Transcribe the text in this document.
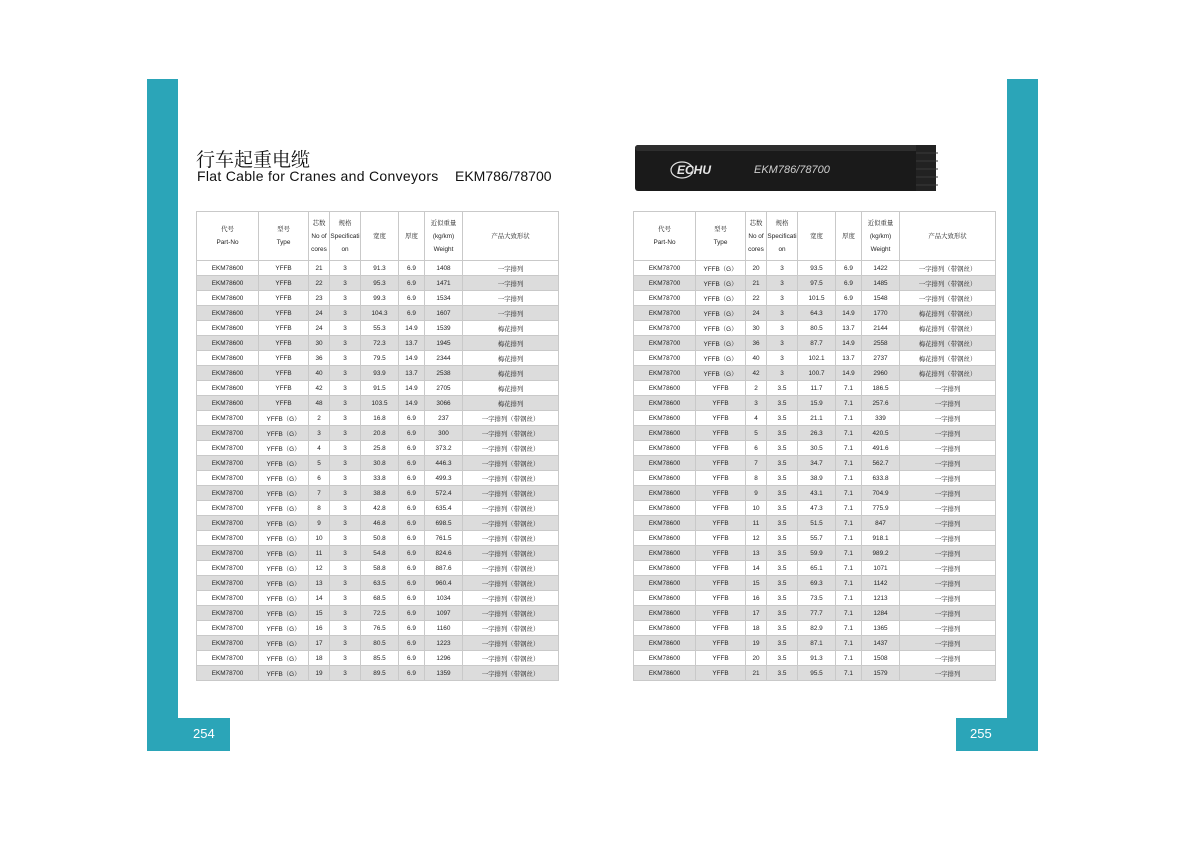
254	255
行车起重电缆
Flat Cable for Cranes and Conveyors EKM786/78700	ECHU	EKM786/78700
代号
Part-No	型号
Type	芯数
No of
cores	规格
Specificati
on	宽度	厚度	近似重量
(kg/km)
Weight	产品大致形状
EKM78600	YFFB	21	3	91.3	6.9	1408	一字排列
EKM78600	YFFB	22	3	95.3	6.9	1471	一字排列
EKM78600	YFFB	23	3	99.3	6.9	1534	一字排列
EKM78600	YFFB	24	3	104.3	6.9	1607	一字排列
EKM78600	YFFB	24	3	55.3	14.9	1539	梅花排列
EKM78600	YFFB	30	3	72.3	13.7	1945	梅花排列
EKM78600	YFFB	36	3	79.5	14.9	2344	梅花排列
EKM78600	YFFB	40	3	93.9	13.7	2538	梅花排列
EKM78600	YFFB	42	3	91.5	14.9	2705	梅花排列
EKM78600	YFFB	48	3	103.5	14.9	3066	梅花排列
EKM78700	YFFB（G）	2	3	16.8	6.9	237	一字排列（带钢丝）
EKM78700	YFFB（G）	3	3	20.8	6.9	300	一字排列（带钢丝）
EKM78700	YFFB（G）	4	3	25.8	6.9	373.2	一字排列（带钢丝）
EKM78700	YFFB（G）	5	3	30.8	6.9	446.3	一字排列（带钢丝）
EKM78700	YFFB（G）	6	3	33.8	6.9	499.3	一字排列（带钢丝）
EKM78700	YFFB（G）	7	3	38.8	6.9	572.4	一字排列（带钢丝）
EKM78700	YFFB（G）	8	3	42.8	6.9	635.4	一字排列（带钢丝）
EKM78700	YFFB（G）	9	3	46.8	6.9	698.5	一字排列（带钢丝）
EKM78700	YFFB（G）	10	3	50.8	6.9	761.5	一字排列（带钢丝）
EKM78700	YFFB（G）	11	3	54.8	6.9	824.6	一字排列（带钢丝）
EKM78700	YFFB（G）	12	3	58.8	6.9	887.6	一字排列（带钢丝）
EKM78700	YFFB（G）	13	3	63.5	6.9	960.4	一字排列（带钢丝）
EKM78700	YFFB（G）	14	3	68.5	6.9	1034	一字排列（带钢丝）
EKM78700	YFFB（G）	15	3	72.5	6.9	1097	一字排列（带钢丝）
EKM78700	YFFB（G）	16	3	76.5	6.9	1160	一字排列（带钢丝）
EKM78700	YFFB（G）	17	3	80.5	6.9	1223	一字排列（带钢丝）
EKM78700	YFFB（G）	18	3	85.5	6.9	1296	一字排列（带钢丝）
EKM78700	YFFB（G）	19	3	89.5	6.9	1359	一字排列（带钢丝）
代号
Part-No	型号
Type	芯数
No of
cores	规格
Specificati
on	宽度	厚度	近似重量
(kg/km)
Weight	产品大致形状
EKM78700	YFFB（G）	20	3	93.5	6.9	1422	一字排列（带钢丝）
EKM78700	YFFB（G）	21	3	97.5	6.9	1485	一字排列（带钢丝）
EKM78700	YFFB（G）	22	3	101.5	6.9	1548	一字排列（带钢丝）
EKM78700	YFFB（G）	24	3	64.3	14.9	1770	梅花排列（带钢丝）
EKM78700	YFFB（G）	30	3	80.5	13.7	2144	梅花排列（带钢丝）
EKM78700	YFFB（G）	36	3	87.7	14.9	2558	梅花排列（带钢丝）
EKM78700	YFFB（G）	40	3	102.1	13.7	2737	梅花排列（带钢丝）
EKM78700	YFFB（G）	42	3	100.7	14.9	2960	梅花排列（带钢丝）
EKM78600	YFFB	2	3.5	11.7	7.1	186.5	一字排列
EKM78600	YFFB	3	3.5	15.9	7.1	257.6	一字排列
EKM78600	YFFB	4	3.5	21.1	7.1	339	一字排列
EKM78600	YFFB	5	3.5	26.3	7.1	420.5	一字排列
EKM78600	YFFB	6	3.5	30.5	7.1	491.6	一字排列
EKM78600	YFFB	7	3.5	34.7	7.1	562.7	一字排列
EKM78600	YFFB	8	3.5	38.9	7.1	633.8	一字排列
EKM78600	YFFB	9	3.5	43.1	7.1	704.9	一字排列
EKM78600	YFFB	10	3.5	47.3	7.1	775.9	一字排列
EKM78600	YFFB	11	3.5	51.5	7.1	847	一字排列
EKM78600	YFFB	12	3.5	55.7	7.1	918.1	一字排列
EKM78600	YFFB	13	3.5	59.9	7.1	989.2	一字排列
EKM78600	YFFB	14	3.5	65.1	7.1	1071	一字排列
EKM78600	YFFB	15	3.5	69.3	7.1	1142	一字排列
EKM78600	YFFB	16	3.5	73.5	7.1	1213	一字排列
EKM78600	YFFB	17	3.5	77.7	7.1	1284	一字排列
EKM78600	YFFB	18	3.5	82.9	7.1	1365	一字排列
EKM78600	YFFB	19	3.5	87.1	7.1	1437	一字排列
EKM78600	YFFB	20	3.5	91.3	7.1	1508	一字排列
EKM78600	YFFB	21	3.5	95.5	7.1	1579	一字排列
